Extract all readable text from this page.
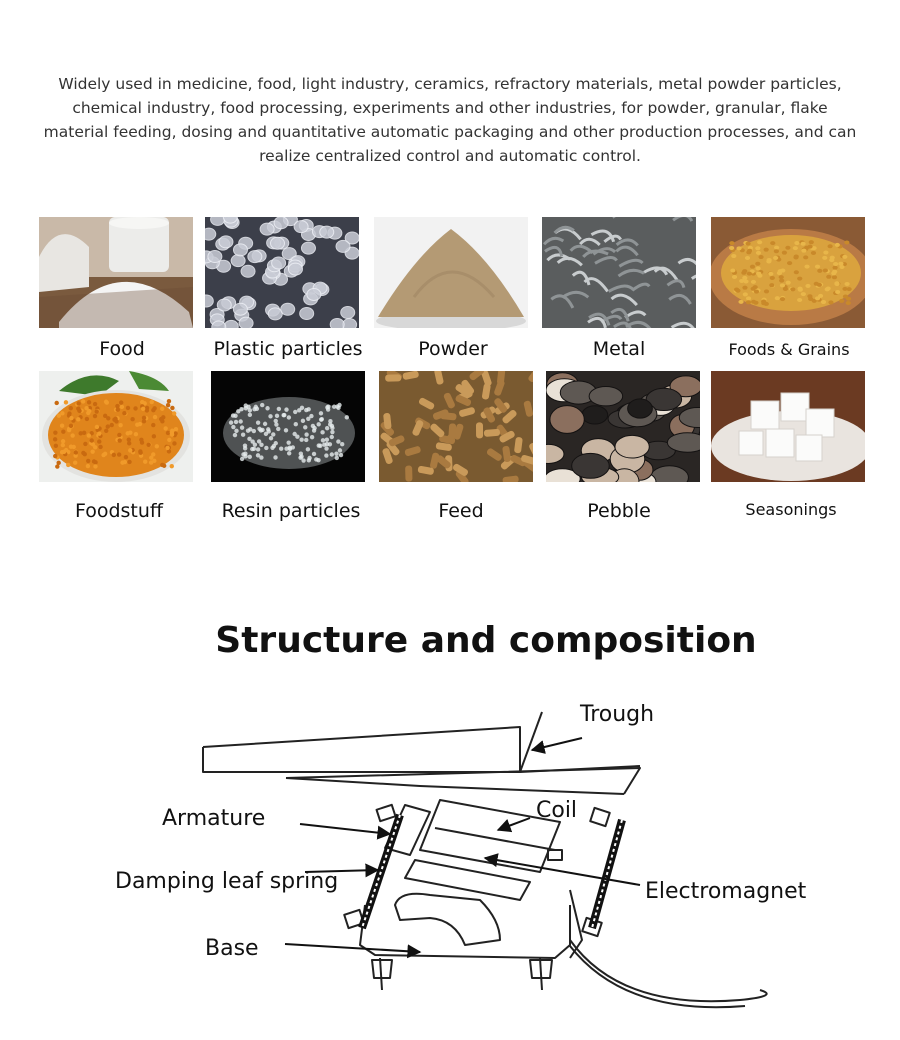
Widely used in medicine, food, light industry, ceramics, refractory materials, metal powder particles, chemical industry, food processing, experiments and other industries, for powder, granular, flake material feeding, dosing and quantitative automatic packaging and other production processes, and can realize centralized control and automatic control.

Food	Plastic particles	Powder	Metal	Foods & Grains
Foodstuff	Resin particles	Feed	Pebble	Seasonings
Structure and composition
Trough
Coil
Armature
Damping leaf spring	Electromagnet
Base
